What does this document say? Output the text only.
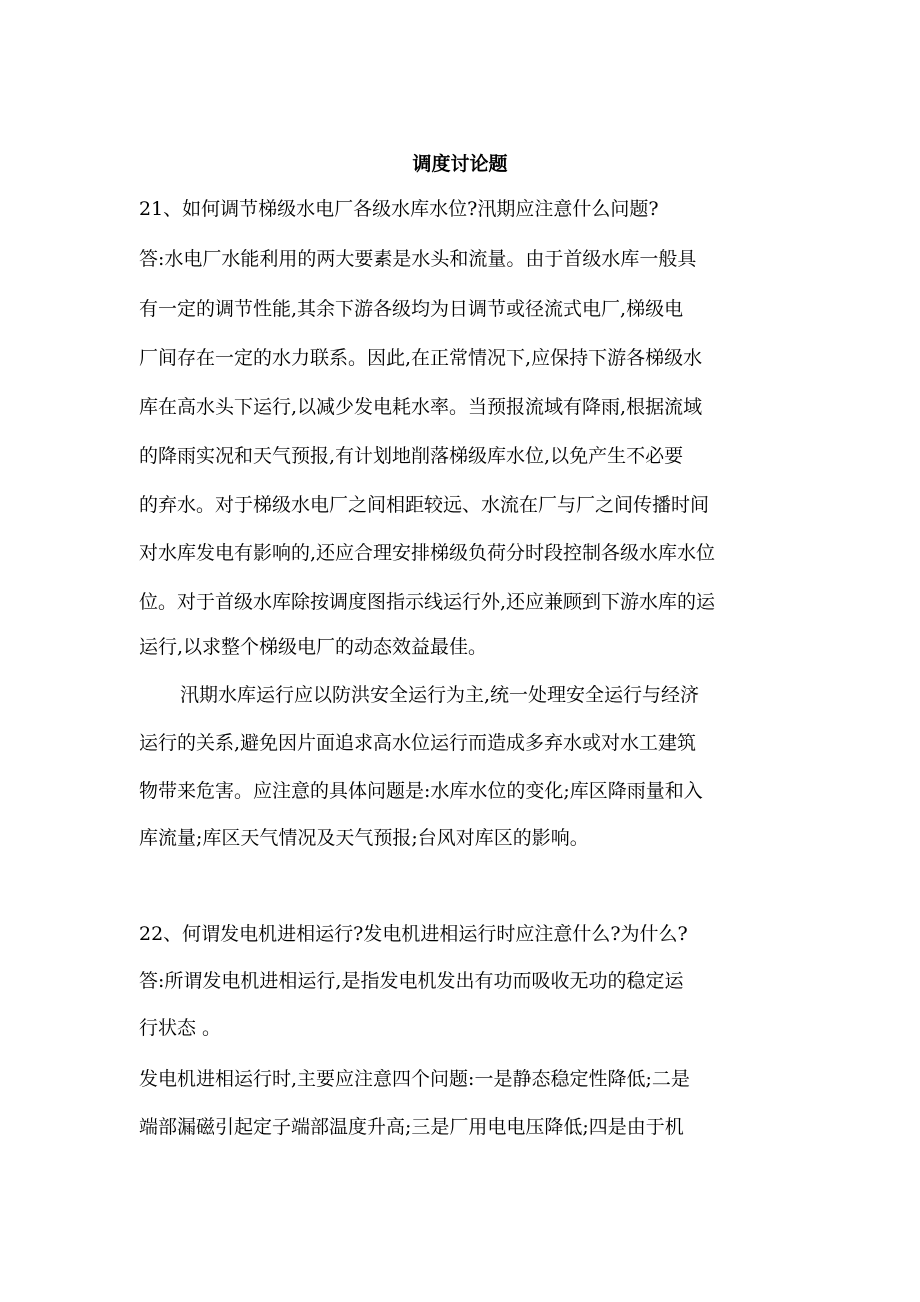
调度讨论题
21、如何调节梯级水电厂各级水库水位?汛期应注意什么问题?
答:水电厂水能利用的两大要素是水头和流量。由于首级水库一般具
有一定的调节性能,其余下游各级均为日调节或径流式电厂,梯级电
厂间存在一定的水力联系。因此,在正常情况下,应保持下游各梯级水
库在高水头下运行,以减少发电耗水率。当预报流域有降雨,根据流域
的降雨实况和天气预报,有计划地削落梯级库水位,以免产生不必要
的弃水。对于梯级水电厂之间相距较远、水流在厂与厂之间传播时间
对水库发电有影响的,还应合理安排梯级负荷分时段控制各级水库水位
位。对于首级水库除按调度图指示线运行外,还应兼顾到下游水库的运
运行,以求整个梯级电厂的动态效益最佳。
汛期水库运行应以防洪安全运行为主,统一处理安全运行与经济
运行的关系,避免因片面追求高水位运行而造成多弃水或对水工建筑
物带来危害。应注意的具体问题是:水库水位的变化;库区降雨量和入
库流量;库区天气情况及天气预报;台风对库区的影响。
22、何谓发电机进相运行?发电机进相运行时应注意什么?为什么?
答:所谓发电机进相运行,是指发电机发出有功而吸收无功的稳定运
行状态 。
发电机进相运行时,主要应注意四个问题:一是静态稳定性降低;二是
端部漏磁引起定子端部温度升高;三是厂用电电压降低;四是由于机
